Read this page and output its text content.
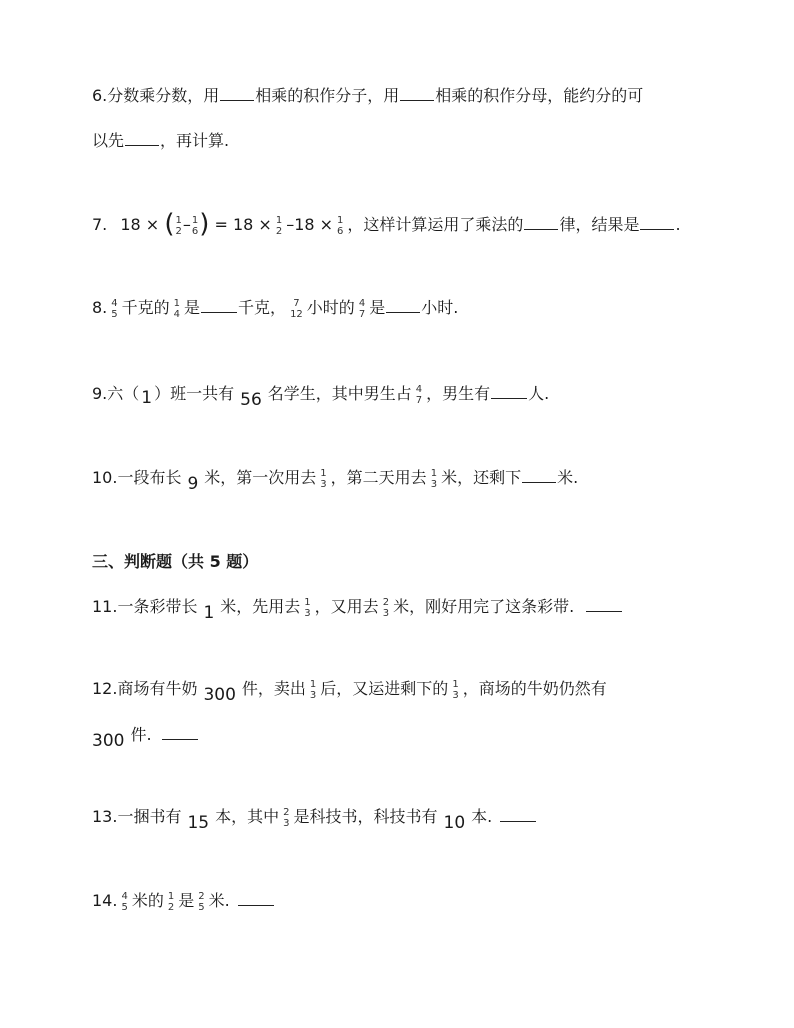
6.分数乘分数，用 相乘的积作分子，用 相乘的积作分母，能约分的可
以先 ，再计算.
7. 18 × ( 1
2 – 1
6 ) = 18 × 1
2 –18 × 1
6 ，这样计算运用了乘法的 律，结果是 .
8. 4
5 千克的 1
4 是 千克， 7
12 小时的 4
7 是 小时.
9.六（ 1 ）班一共有 56 名学生，其中男生占 4
7 ，男生有 人.
10.一段布长 9 米，第一次用去 1
3 ，第二天用去 1
3 米，还剩下 米.
三、判断题（共 5 题）
11.一条彩带长 1 米，先用去 1
3 ，又用去 2
3 米，刚好用完了这条彩带.
12.商场有牛奶 300 件，卖出 1
3 后，又运进剩下的 1
3 ，商场的牛奶仍然有
300 件.
13.一捆书有 15 本，其中 2
3 是科技书，科技书有 10 本.
14. 4
5 米的 1
2 是 2
5 米.
